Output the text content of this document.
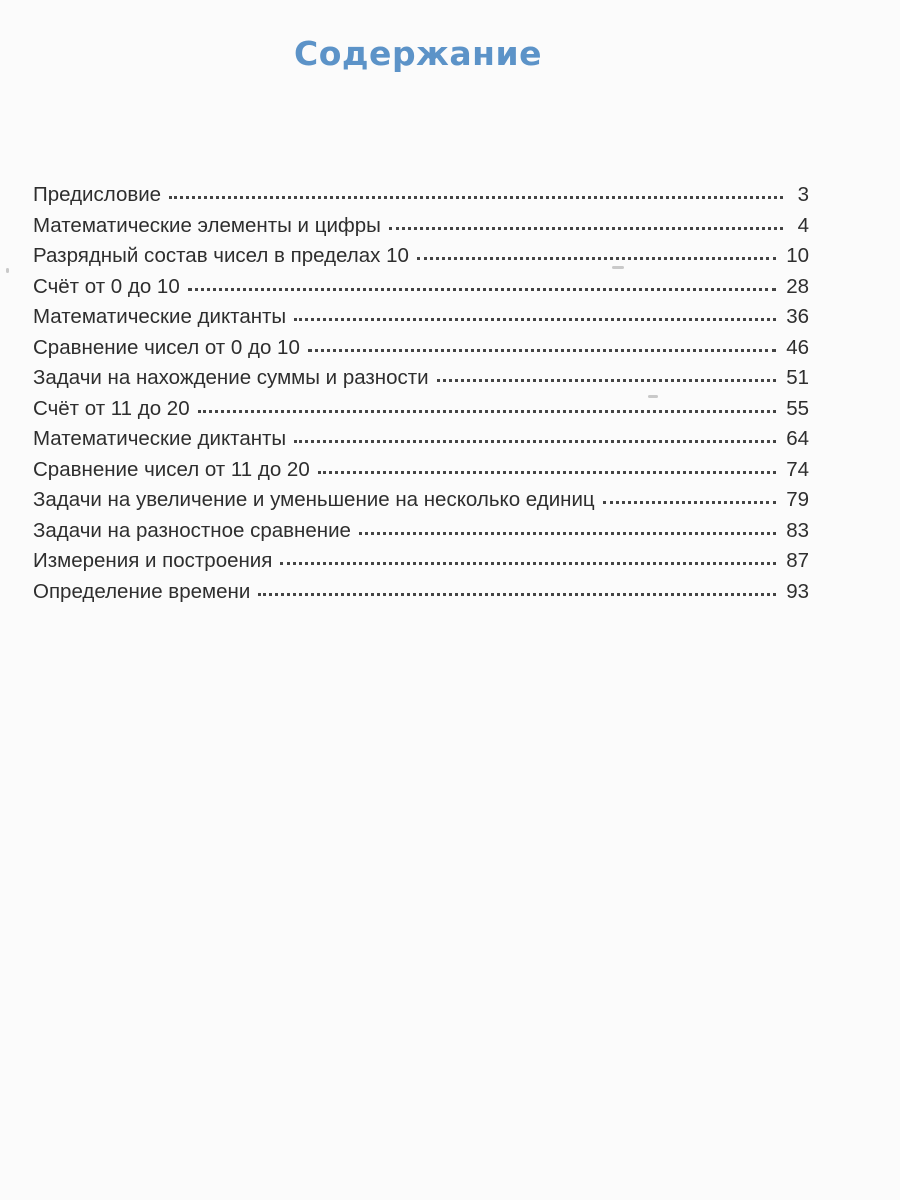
Содержание
Предисловие	3
Математические элементы и цифры	4
Разрядный состав чисел в пределах 10	10
Счёт от 0 до 10	28
Математические диктанты	36
Сравнение чисел от 0 до 10	46
Задачи на нахождение суммы и разности	51
Счёт от 11 до 20	55
Математические диктанты	64
Сравнение чисел от 11 до 20	74
Задачи на увеличение и уменьшение на несколько единиц	79
Задачи на разностное сравнение	83
Измерения и построения	87
Определение времени	93
